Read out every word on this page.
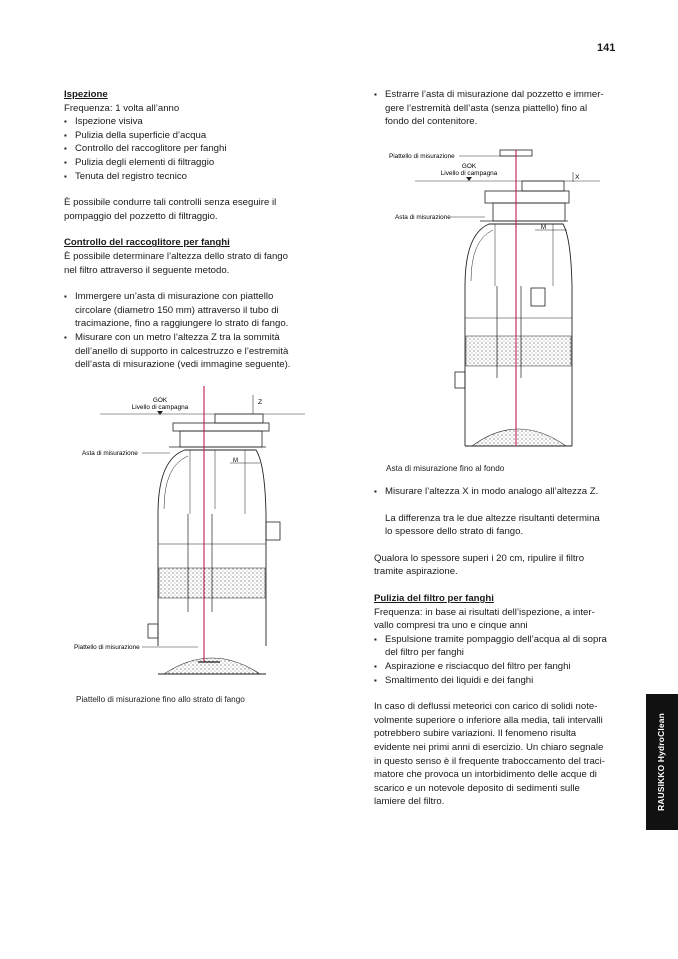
141

Ispezione

Frequenza: 1 volta all’anno

▪ Ispezione visiva
▪ Pulizia della superficie d’acqua
▪ Controllo del raccoglitore per fanghi
▪ Pulizia degli elementi di filtraggio
▪ Tenuta del registro tecnico

È possibile condurre tali controlli senza eseguire il

pompaggio del pozzetto di filtraggio.

Controllo del raccoglitore per fanghi

È possibile determinare l’altezza dello strato di fango

nel filtro attraverso il seguente metodo.

▪ Immergere un’asta di misurazione con piattello
circolare (diametro 150 mm) attraverso il tubo di
tracimazione, fino a raggiungere lo strato di fango.
▪ Misurare con un metro l’altezza Z tra la sommità
dell’anello di supporto in calcestruzzo e l’estremità
dell’asta di misurazione (vedi immagine seguente).
GOK
Livello di campagna
Z
M
Asta di misurazione
Piattello di misurazione
Piattello di misurazione fino allo strato di fango
▪ Estrarre l’asta di misurazione dal pozzetto e immer-
gere l’estremità dell’asta (senza piattello) fino al
fondo del contenitore.
Piattello di misurazione
GOK
Livello di campagna
X
M
Asta di misurazione
Asta di misurazione fino al fondo
▪ Misurare l’altezza X in modo analogo all’altezza Z.

La differenza tra le due altezze risultanti determina

lo spessore dello strato di fango.

Qualora lo spessore superi i 20 cm, ripulire il filtro

tramite aspirazione.

Pulizia del filtro per fanghi

Frequenza: in base ai risultati dell’ispezione, a inter-

vallo compresi tra uno e cinque anni

▪ Espulsione tramite pompaggio dell’acqua al di sopra
del filtro per fanghi
▪ Aspirazione e risciacquo del filtro per fanghi
▪ Smaltimento dei liquidi e dei fanghi

In caso di deflussi meteorici con carico di solidi note-

volmente superiore o inferiore alla media, tali intervalli

potrebbero subire variazioni. Il fenomeno risulta

evidente nei primi anni di esercizio. Un chiaro segnale

in questo senso è il frequente traboccamento del traci-

matore che provoca un intorbidimento delle acque di

scarico e un notevole deposito di sedimenti sulle

lamiere del filtro.	RAUSIKKO HydroClean
